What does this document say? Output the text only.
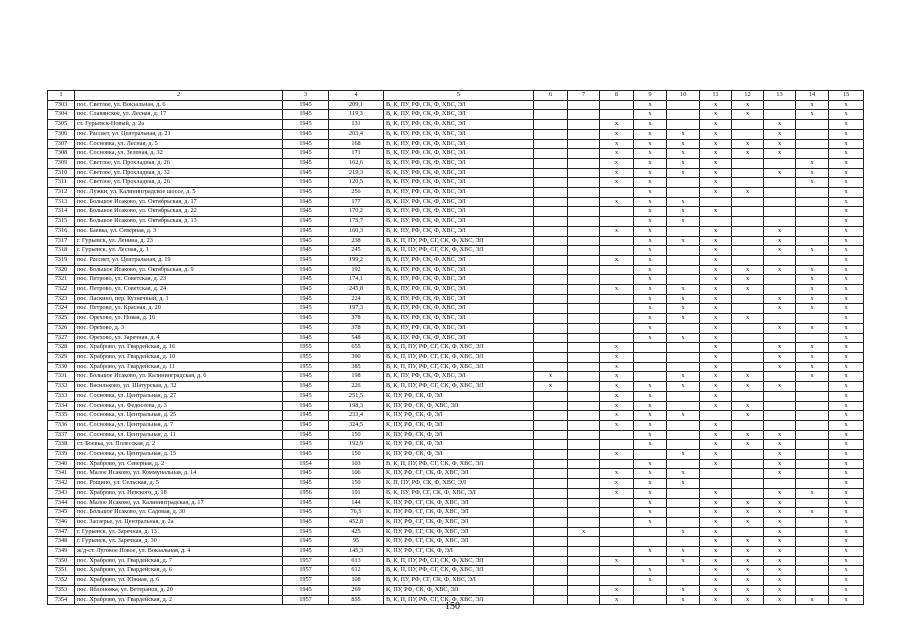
1	2	3	4	5	6	7	8	9	10	11	12	13	14	15
7303	пос. Светлое, ул. Вокзальная, д. 6	1945	209,1	В, К, ПУ, РФ, СК, Ф, ХВС, ЭЛ				x		x	x		x	x
7304	пос. Славянское, ул. Лесная, д. 17	1945	119,3	В, К, ПУ, РФ, СК, Ф, ХВС, ЭЛ				x		x	x		x	x
7305	ст. Гурьевск-Новый, д. 2а	1945	131	В, К, ПУ, РФ, СК, Ф, ХВС, ЭЛ			x	x		x		x		x
7306	пос. Рассвет, ул. Центральная, д. 21	1945	203,4	В, К, ПУ, РФ, СК, Ф, ХВС, ЭЛ			x	x	x	x		x		x
7307	пос. Сосновка, ул. Лесная, д. 5	1945	168	В, К, ПУ, РФ, СК, Ф, ХВС, ЭЛ			x	x	x	x	x	x		x
7308	пос. Сосновка, ул. Зеленая, д. 32	1945	171	В, К, ПУ, РФ, СК, Ф, ХВС, ЭЛ			x	x	x	x	x	x		x
7309	пос. Светлое, ул. Прохладная, д. 26	1945	162,6	В, К, ПУ, РФ, СК, Ф, ХВС, ЭЛ			x	x	x	x			x	x
7310	пос. Светлое, ул. Прохладная, д. 32	1945	219,3	В, К, ПУ, РФ, СК, Ф, ХВС, ЭЛ			x	x	x	x		x	x	x
7311	пос. Светлое, ул. Прохладная, д. 26	1945	120,5	В, К, ПУ, РФ, СК, Ф, ХВС, ЭЛ			x	x		x			x	x
7312	пос. Лужки, ул. Калининградское шоссе, д. 5	1945	256	В, К, ПУ, РФ, СК, Ф, ХВС, ЭЛ				x		x	x			x
7313	пос. Большое Исаково, ул. Октябрьская, д. 17	1945	177	В, К, ПУ, РФ, СК, Ф, ХВС, ЭЛ			x	x	x					x
7314	пос. Большое Исаково, ул. Октябрьская, д. 22	1945	170,2	В, К, ПУ, РФ, СК, Ф, ХВС, ЭЛ				x	x	x				x
7315	пос. Большое Исаково, ул. Октябрьская, д. 13	1945	175,7	В, К, ПУ, РФ, СК, Ф, ХВС, ЭЛ				x	x					x
7316	пос. Баевка, ул. Северная, д. 3	1945	160,3	В, К, ПУ, РФ, СК, Ф, ХВС, ЭЛ			x	x		x		x		x
7317	г. Гурьевск, ул. Ленина, д. 23	1945	238	В, К, П, ПУ, РФ, СГ, СК, Ф, ХВС, ЭЛ				x	x	x		x		x
7318	г. Гурьевск, ул. Лесная, д. 1	1945	245	В, К, П, ПУ, РФ, СГ, СК, Ф, ХВС, ЭЛ				x		x		x	x	x
7319	пос. Рассвет, ул. Центральная, д. 19	1945	199,2	В, К, ПУ, РФ, СК, Ф, ХВС, ЭЛ			x	x		x				x
7320	пос. Большое Исаково, ул. Октябрьская, д. 9	1945	192	В, К, ПУ, РФ, СК, Ф, ХВС, ЭЛ				x		x	x	x	x	x
7321	пос. Петрово, ул. Советская, д. 23	1945	174,1	В, К, ПУ, РФ, СК, Ф, ХВС, ЭЛ				x		x	x		x	x
7322	пос. Петрово, ул. Советская, д. 24	1945	245,8	В, К, ПУ, РФ, СК, Ф, ХВС, ЭЛ			x	x	x	x	x		x	x
7323	пос. Ласкино, пер. Кузнечный, д. 1	1945	224	В, К, ПУ, РФ, СК, Ф, ХВС, ЭЛ				x	x	x		x	x	x
7324	пос. Петрово, ул. Красная, д. 20	1945	197,3	В, К, ПУ, РФ, СК, Ф, ХВС, ЭЛ				x	x	x		x	x	x
7325	пос. Орехово, ул. Новая, д. 16	1945	378	В, К, ПУ, РФ, СК, Ф, ХВС, ЭЛ				x	x	x	x			x
7326	пос. Орехово, д. 3	1945	378	В, К, ПУ, РФ, СК, Ф, ХВС, ЭЛ				x		x		x	x	x
7327	пос. Орехово, ул. Заречная, д. 4	1945	548	В, К, ПУ, РФ, СК, Ф, ХВС, ЭЛ				x	x	x				x
7328	пос. Храброво, ул. Гвардейская, д. 16	1955	655	В, К, П, ПУ, РФ, СГ, СК, Ф, ХВС, ЭЛ			x			x		x	x	x
7329	пос. Храброво, ул. Гвардейская, д. 10	1955	390	В, К, П, ПУ, РФ, СГ, СК, Ф, ХВС, ЭЛ			x			x		x	x	x
7330	пос. Храброво, ул. Гвардейская, д. 11	1955	385	В, К, П, ПУ, РФ, СГ, СК, Ф, ХВС, ЭЛ			x			x		x	x	x
7331	пос. Большое Исаково, ул. Калининградская, д. 6	1945	198	В, К, ПУ, РФ, СК, Ф, ХВС, ЭЛ	x		x		x	x	x		x	x
7332	пос. Васильково, ул. Шатурская, д. 32	1945	226	В, К, П, ПУ, РФ, СГ, СК, Ф, ХВС, ЭЛ	x		x	x	x	x	x	x		x
7333	пос. Сосновка, ул. Центральная, д. 27	1945	251,5	К, ПУ, РФ, СК, Ф, ЭЛ			x	x		x				x
7334	пос. Сосновка, ул. Федосеева, д. 3	1945	198,3	К, ПУ, РФ, СК, Ф, ХВС, ЭЛ			x	x		x	x			x
7335	пос. Сосновка, ул. Центральная, д. 25	1945	233,4	К, ПУ, РФ, СК, Ф, ЭЛ			x	x	x		x			x
7336	пос. Сосновка, ул. Центральная, д. 7	1945	324,5	К, ПУ, РФ, СК, Ф, ЭЛ			x	x		x				x
7337	пос. Сосновка, ул. Центральная, д. 11	1945	150	К, ПУ, РФ, СК, Ф, ЭЛ				x		x	x	x		x
7338	ст. Боевка, ул. Полесская, д. 2	1945	192,9	К, ПУ, РФ, СК, Ф, ЭЛ				x		x	x	x		x
7339	пос. Сосновка, ул. Центральная, д. 15	1945	150	К, ПУ, РФ, СК, Ф, ЭЛ			x		x	x		x		x
7340	пос. Храброво, ул. Северная, д. 2	1954	103	В, К, П, ПУ, РФ, СГ, СК, Ф, ХВС, ЭЛ				x		x		x		x
7341	пос. Малое Исаково, ул. Коммунальная, д. 14	1945	106	К, ПУ, РФ, СГ, СК, Ф, ХВС, ЭЛ			x	x	x			x		x
7342	пос. Рощино, ул. Сельская, д. 5	1945	150	К, П, ПУ, РФ, СК, Ф, ХВС, ЭЛ			x	x	x					x
7343	пос. Храброво, ул. Невского, д. 18	1956	191	В, К, ПУ, РФ, СГ, СК, Ф, ХВС, ЭЛ			x	x		x		x	x	x
7344	пос. Малое Исаково, ул. Калининградская, д. 17	1945	144	К, ПУ, РФ, СГ, СК, Ф, ХВС, ЭЛ				x		x	x	x		x
7345	пос. Большое Исаково, ул. Садовая, д. 30	1945	76,5	К, ПУ, РФ, СГ, СК, Ф, ХВС, ЭЛ				x		x	x	x	x	x
7346	пос. Заозерье, ул. Центральная, д. 2а	1945	452,8	К, ПУ, РФ, СГ, СК, Ф, ХВС, ЭЛ				x		x	x	x		x
7347	г. Гурьевск, ул. Заречная, д. 13	1945	425	К, ПУ, РФ, СГ, СК, Ф, ХВС, ЭЛ		x			x	x		x		x
7348	г. Гурьевск, ул. Заречная, д. 30	1945	95	К, ПУ, РФ, СГ, СК, Ф, ХВС, ЭЛ						x	x	x		x
7349	ж/д-ст. Луговое Новое, ул. Вокзальная, д. 4	1945	145,3	К, ПУ, РФ, СГ, СК, Ф, ЭЛ				x	x	x	x	x		x
7350	пос. Храброво, ул. Гвардейская, д. 7	1957	613	В, К, П, ПУ, РФ, СГ, СК, Ф, ХВС, ЭЛ			x		x	x	x	x		x
7351	пос. Храброво, ул. Гвардейская, д. 6	1957	612	В, К, П, ПУ, РФ, СГ, СК, Ф, ХВС, ЭЛ				x		x	x	x		x
7352	пос. Храброво, ул. Южная, д. 6	1957	108	В, К, ПУ, РФ, СГ, СК, Ф, ХВС, ЭЛ				x		x	x	x		x
7353	пос. Яблоновка, ул. Ветеранов, д. 20	1945	269	К, ПУ, РФ, СК, Ф, ХВС, ЭЛ			x		x	x	x	x		x
7354	пос. Храброво, ул. Гвардейская, д. 2	1957	855	В, К, П, ПУ, РФ, СГ, СК, Ф, ХВС, ЭЛ			x		x	x	x	x	x	x
150
